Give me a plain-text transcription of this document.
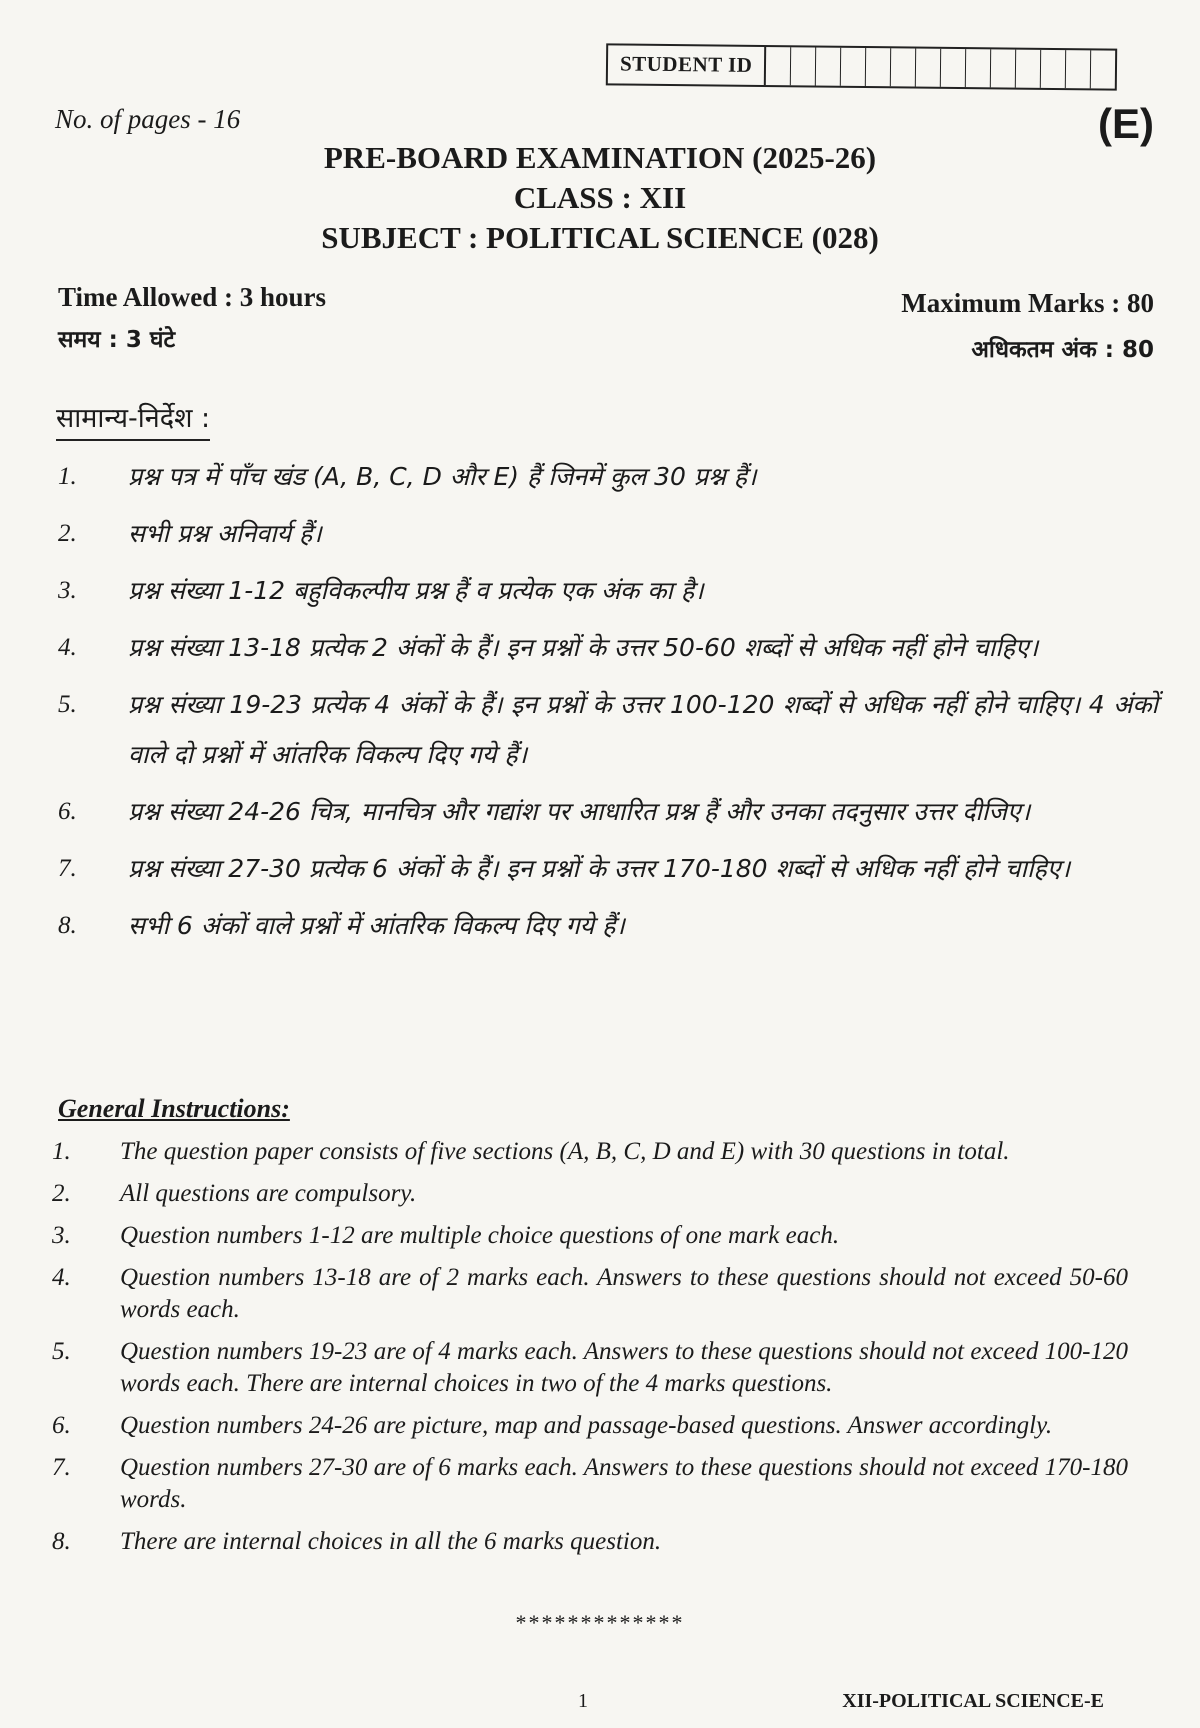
STUDENT ID
No. of pages - 16	(E)
PRE-BOARD EXAMINATION (2025-26)
CLASS : XII
SUBJECT : POLITICAL SCIENCE (028)
Time Allowed : 3 hours
समय : 3 घंटे
Maximum Marks : 80
अधिकतम अंक : 80
सामान्य-निर्देश :
1.	प्रश्न पत्र में पाँच खंड (A, B, C, D और E) हैं जिनमें कुल 30 प्रश्न हैं।
2.	सभी प्रश्न अनिवार्य हैं।
3.	प्रश्न संख्या 1-12 बहुविकल्पीय प्रश्न हैं व प्रत्येक एक अंक का है।
4.	प्रश्न संख्या 13-18 प्रत्येक 2 अंकों के हैं। इन प्रश्नों के उत्तर 50-60 शब्दों से अधिक नहीं होने चाहिए।
5.	प्रश्न संख्या 19-23 प्रत्येक 4 अंकों के हैं। इन प्रश्नों के उत्तर 100-120 शब्दों से अधिक नहीं होने चाहिए। 4 अंकों वाले दो प्रश्नों में आंतरिक विकल्प दिए गये हैं।
6.	प्रश्न संख्या 24-26 चित्र, मानचित्र और गद्यांश पर आधारित प्रश्न हैं और उनका तदनुसार उत्तर दीजिए।
7.	प्रश्न संख्या 27-30 प्रत्येक 6 अंकों के हैं। इन प्रश्नों के उत्तर 170-180 शब्दों से अधिक नहीं होने चाहिए।
8.	सभी 6 अंकों वाले प्रश्नों में आंतरिक विकल्प दिए गये हैं।
General Instructions:
1.	The question paper consists of five sections (A, B, C, D and E) with 30 questions in total.
2.	All questions are compulsory.
3.	Question numbers 1-12 are multiple choice questions of one mark each.
4.	Question numbers 13-18 are of 2 marks each. Answers to these questions should not exceed 50-60 words each.
5.	Question numbers 19-23 are of 4 marks each. Answers to these questions should not exceed 100-120 words each. There are internal choices in two of the 4 marks questions.
6.	Question numbers 24-26 are picture, map and passage-based questions. Answer accordingly.
7.	Question numbers 27-30 are of 6 marks each. Answers to these questions should not exceed 170-180 words.
8.	There are internal choices in all the 6 marks question.
*************
1	XII-POLITICAL SCIENCE-E
